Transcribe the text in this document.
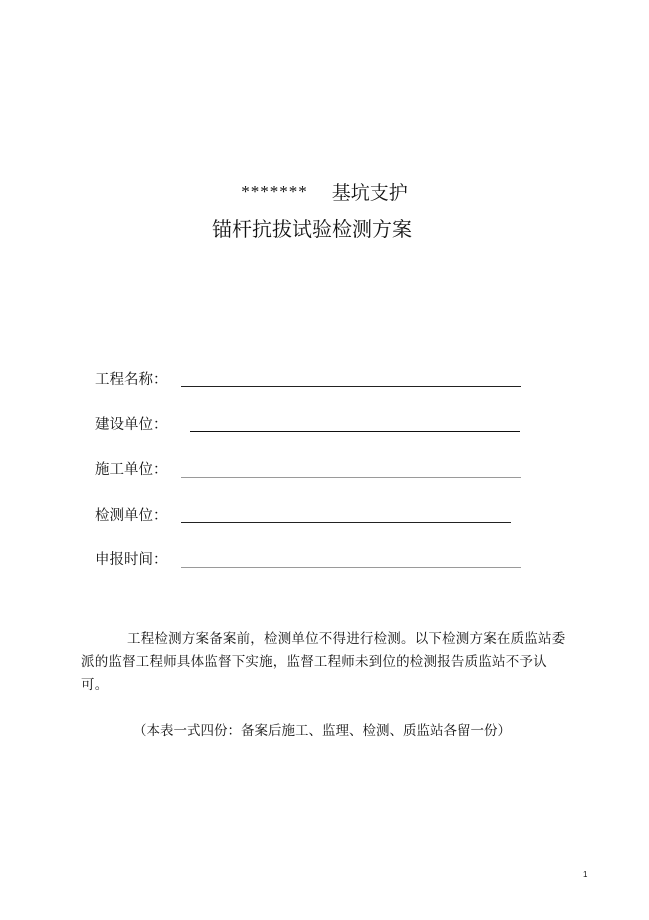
******* 基坑支护
锚杆抗拔试验检测方案
工程名称：
建设单位：
施工单位：
检测单位：
申报时间：

工程检测方案备案前，检测单位不得进行检测。以下检测方案在质监站委派的监督工程师具体监督下实施，监督工程师未到位的检测报告质监站不予认可。

（本表一式四份：备案后施工、监理、检测、质监站各留一份）

1
